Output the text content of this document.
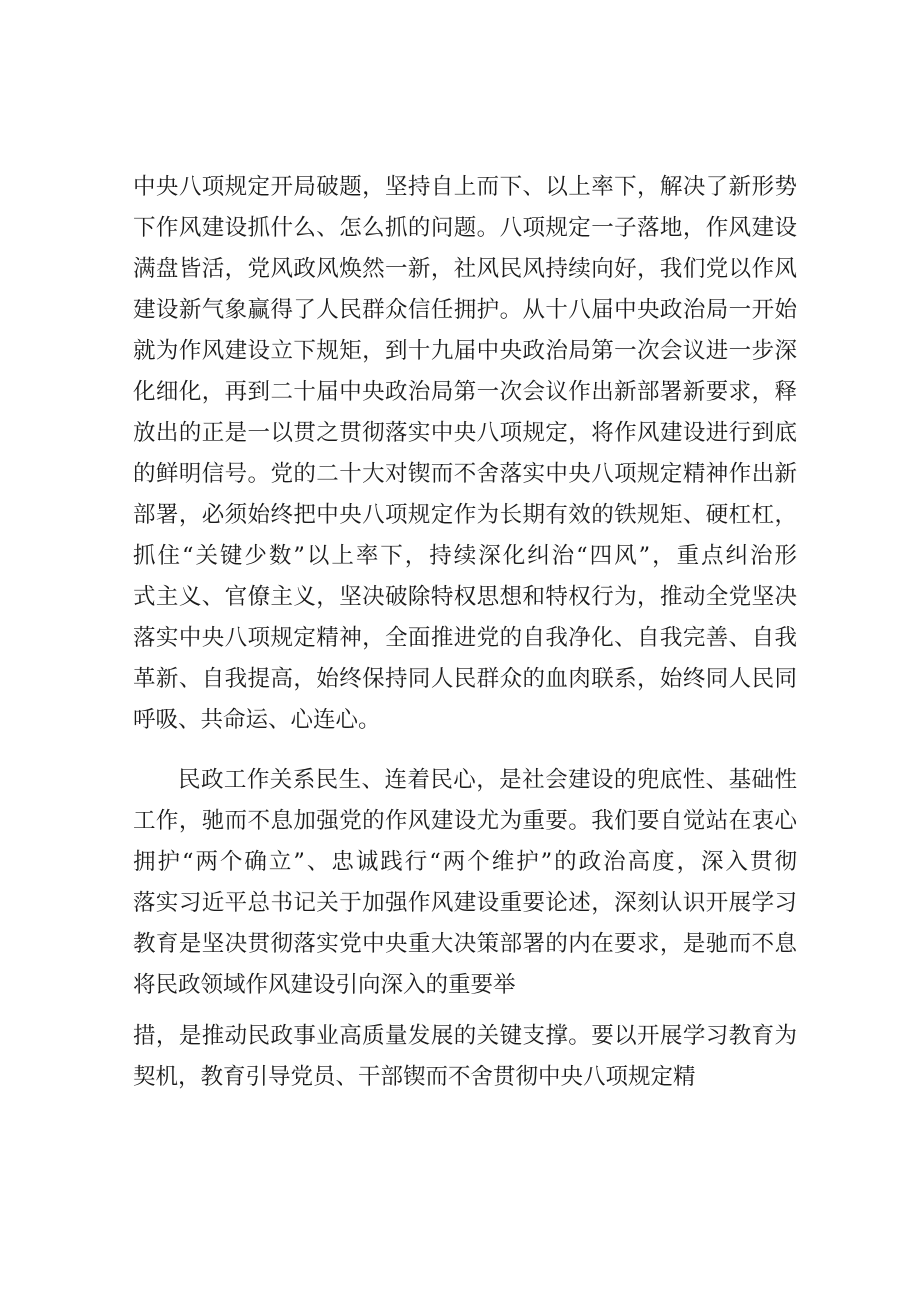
中央八项规定开局破题，坚持自上而下、以上率下，解决了新形势
下作风建设抓什么、怎么抓的问题。八项规定一子落地，作风建设
满盘皆活，党风政风焕然一新，社风民风持续向好，我们党以作风
建设新气象赢得了人民群众信任拥护。从十八届中央政治局一开始
就为作风建设立下规矩，到十九届中央政治局第一次会议进一步深
化细化，再到二十届中央政治局第一次会议作出新部署新要求，释
放出的正是一以贯之贯彻落实中央八项规定，将作风建设进行到底
的鲜明信号。党的二十大对锲而不舍落实中央八项规定精神作出新
部署，必须始终把中央八项规定作为长期有效的铁规矩、硬杠杠，
抓住“关键少数”以上率下，持续深化纠治“四风”，重点纠治形
式主义、官僚主义，坚决破除特权思想和特权行为，推动全党坚决
落实中央八项规定精神，全面推进党的自我净化、自我完善、自我
革新、自我提高，始终保持同人民群众的血肉联系，始终同人民同
呼吸、共命运、心连心。
民政工作关系民生、连着民心，是社会建设的兜底性、基础性
工作，驰而不息加强党的作风建设尤为重要。我们要自觉站在衷心
拥护“两个确立”、忠诚践行“两个维护”的政治高度，深入贯彻
落实习近平总书记关于加强作风建设重要论述，深刻认识开展学习
教育是坚决贯彻落实党中央重大决策部署的内在要求，是驰而不息
将民政领域作风建设引向深入的重要举
措，是推动民政事业高质量发展的关键支撑。要以开展学习教育为
契机，教育引导党员、干部锲而不舍贯彻中央八项规定精
